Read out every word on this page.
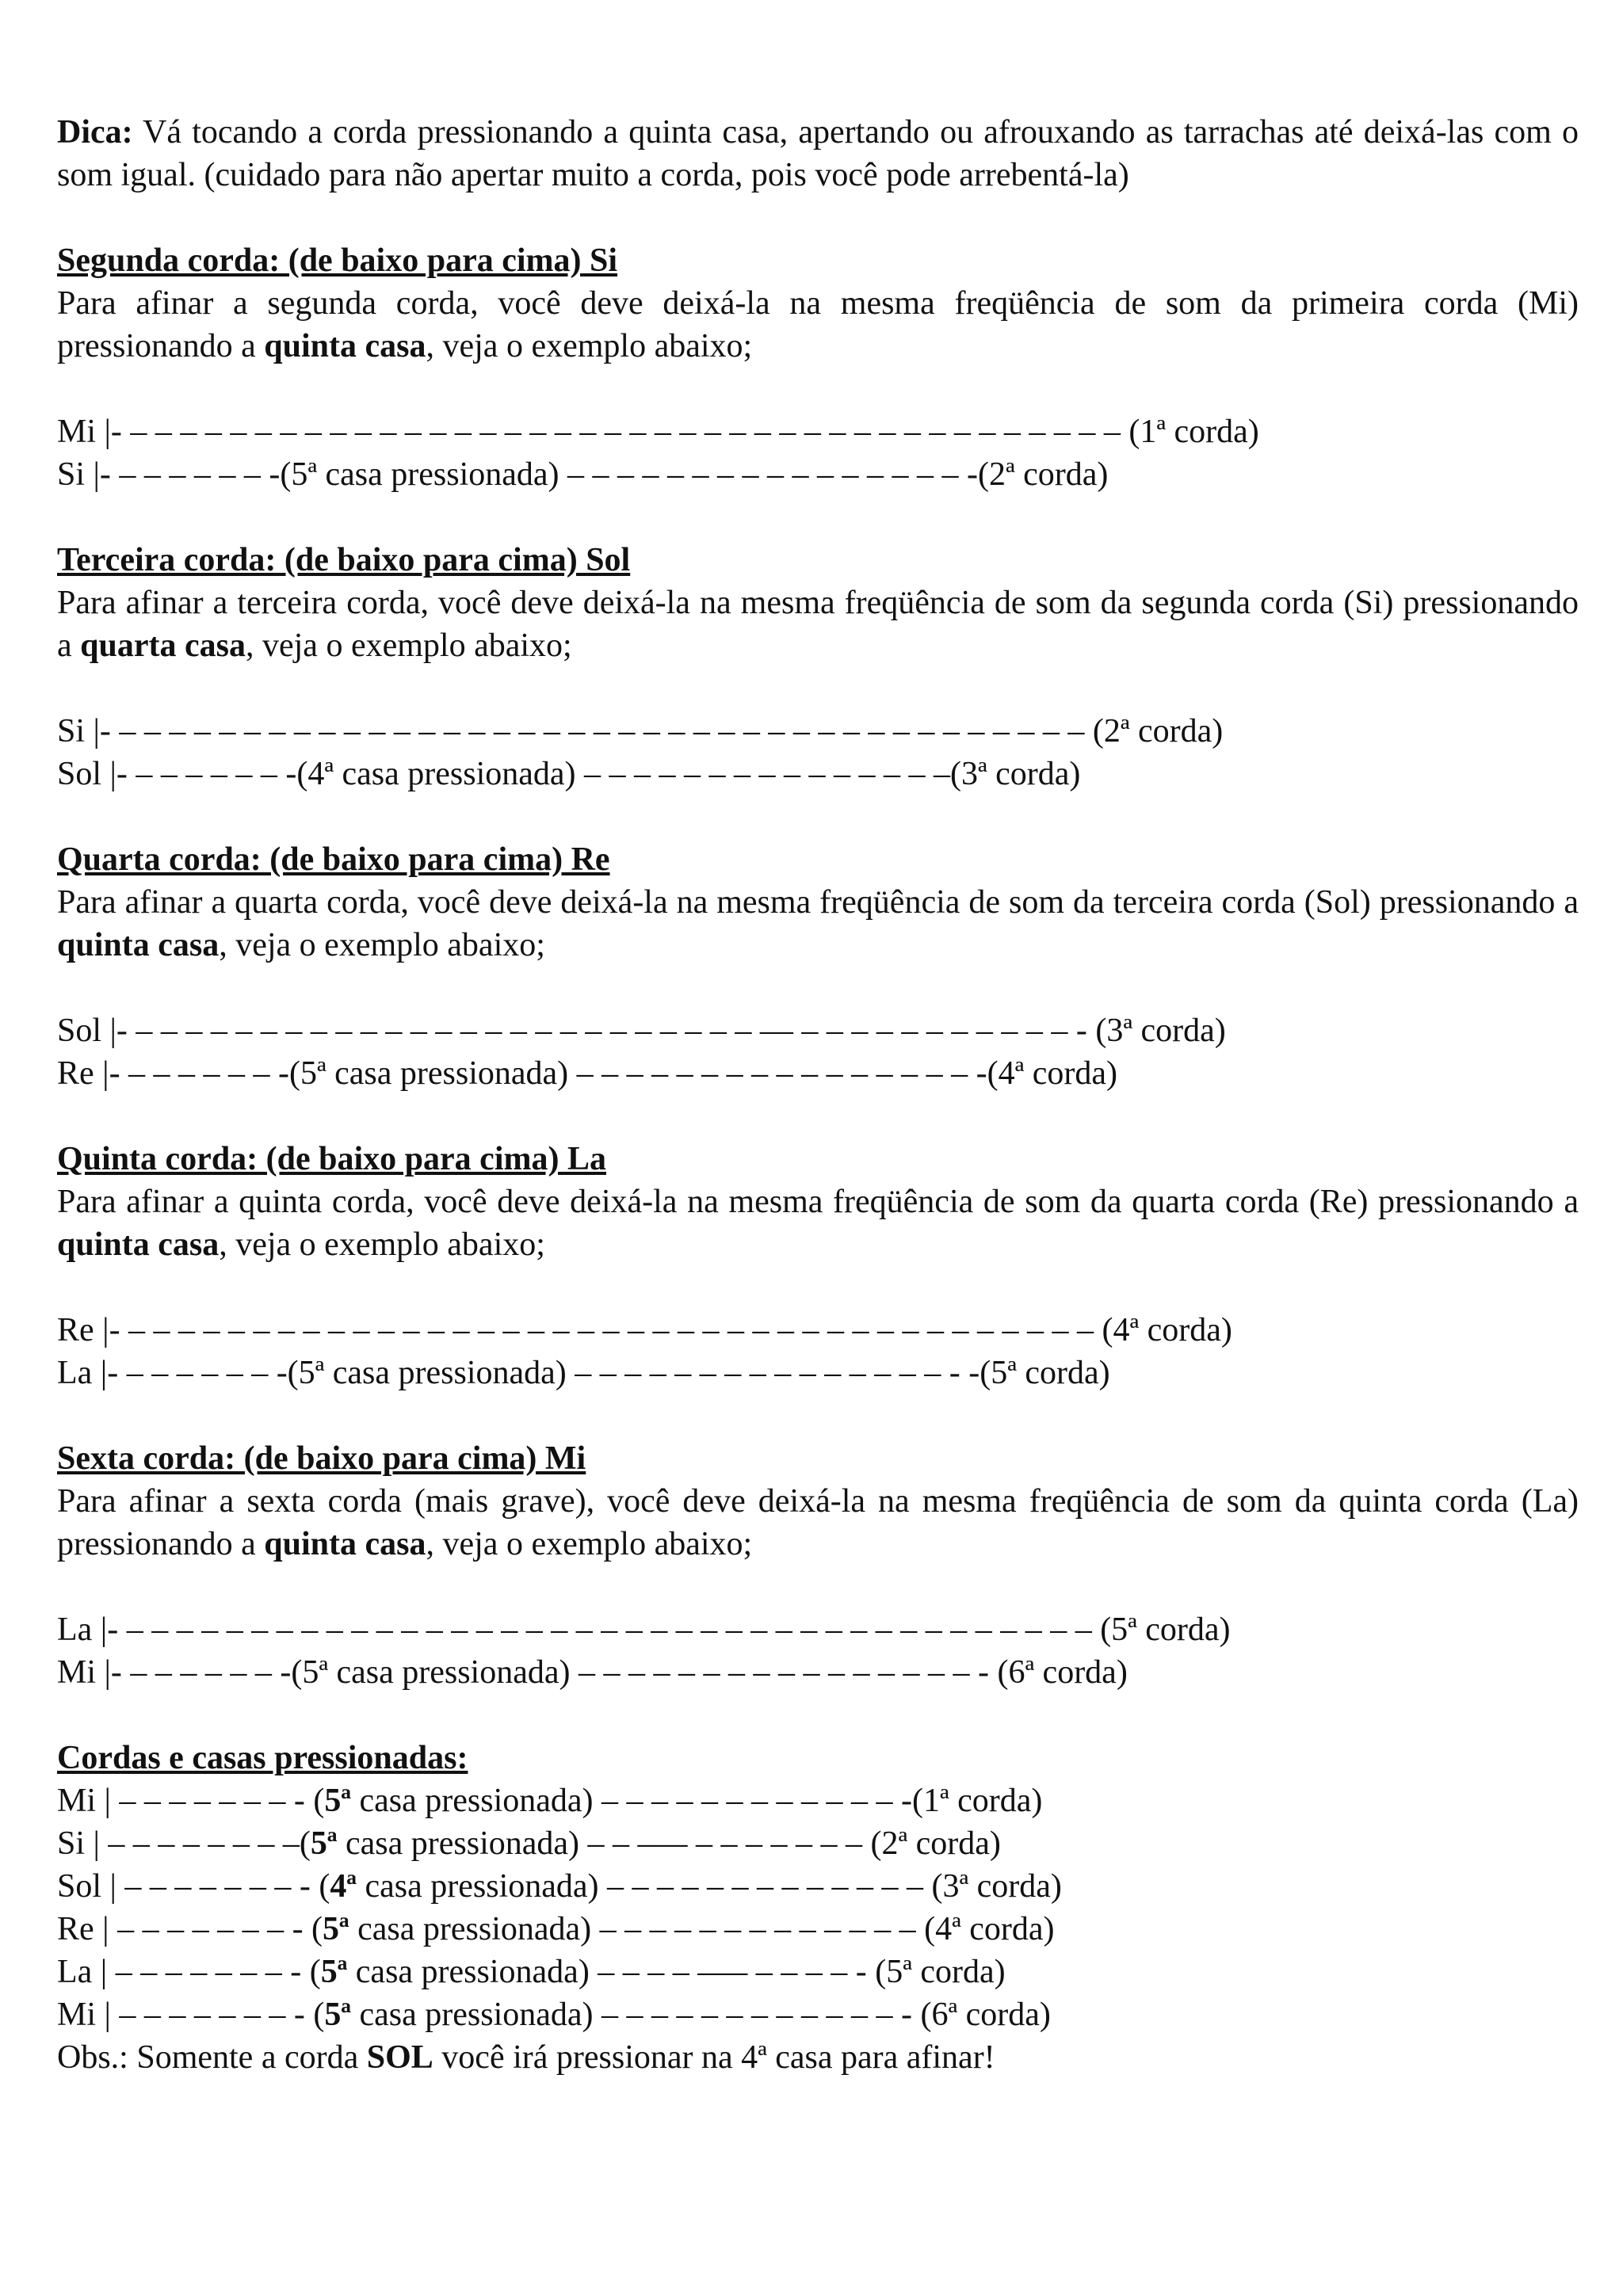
Dica: Vá tocando a corda pressionando a quinta casa, apertando ou afrouxando as tarrachas até deixá-las com o som igual. (cuidado para não apertar muito a corda, pois você pode arrebentá-la)
Segunda corda: (de baixo para cima) Si
Para afinar a segunda corda, você deve deixá-la na mesma freqüência de som da primeira corda (Mi) pressionando a quinta casa, veja o exemplo abaixo;
Mi |- – – – – – – – – – – – – – – – – – – – – – – – – – – – – – – – – – – – – – – – – (1ª corda)
Si |- – – – – – – -(5ª casa pressionada) – – – – – – – – – – – – – – – – -(2ª corda)
Terceira corda: (de baixo para cima) Sol
Para afinar a terceira corda, você deve deixá-la na mesma freqüência de som da segunda corda (Si) pressionando a quarta casa, veja o exemplo abaixo;
Si |- – – – – – – – – – – – – – – – – – – – – – – – – – – – – – – – – – – – – – – – (2ª corda)
Sol |- – – – – – – -(4ª casa pressionada) – – – – – – – – – – – – – – –(3ª corda)
Quarta corda: (de baixo para cima) Re
Para afinar a quarta corda, você deve deixá-la na mesma freqüência de som da terceira corda (Sol) pressionando a quinta casa, veja o exemplo abaixo;
Sol |- – – – – – – – – – – – – – – – – – – – – – – – – – — – – – – – – – – – – – - (3ª corda)
Re |- – – – – – – -(5ª casa pressionada) – – – – – – – – – – – – – – – – -(4ª corda)
Quinta corda: (de baixo para cima) La
Para afinar a quinta corda, você deve deixá-la na mesma freqüência de som da quarta corda (Re) pressionando a quinta casa, veja o exemplo abaixo;
Re |- – – – – – – – – – – – – – – – – – – – – – – – – – – – – – – – – – – – – – – – (4ª corda)
La |- – – – – – – -(5ª casa pressionada) – – – – – – – – – – – – – – – - -(5ª corda)
Sexta corda: (de baixo para cima) Mi
Para afinar a sexta corda (mais grave), você deve deixá-la na mesma freqüência de som da quinta corda (La) pressionando a quinta casa, veja o exemplo abaixo;
La |- – – – – – – – – – – – – – – – – – – – – – – – – – – – – – – – – – – – – – – – (5ª corda)
Mi |- – – – – – – -(5ª casa pressionada) – – – – – – – – – – – – – – – – - (6ª corda)
Cordas e casas pressionadas:
Mi | – – – – – – – - (5ª casa pressionada) – – – – – – – – – – – – -(1ª corda)
Si | – – – – – – – –(5ª casa pressionada) – – –— – – – – – – – (2ª corda)
Sol | – – – – – – – - (4ª casa pressionada) – – – – – – – – – – – – – (3ª corda)
Re | – – – – – – – - (5ª casa pressionada) – – – – – – – – – – – – – (4ª corda)
La | – – – – – – – - (5ª casa pressionada) – – – – –— – – – – - (5ª corda)
Mi | – – – – – – – - (5ª casa pressionada) – – – – – – – – – – – – - (6ª corda)
Obs.: Somente a corda SOL você irá pressionar na 4ª casa para afinar!
